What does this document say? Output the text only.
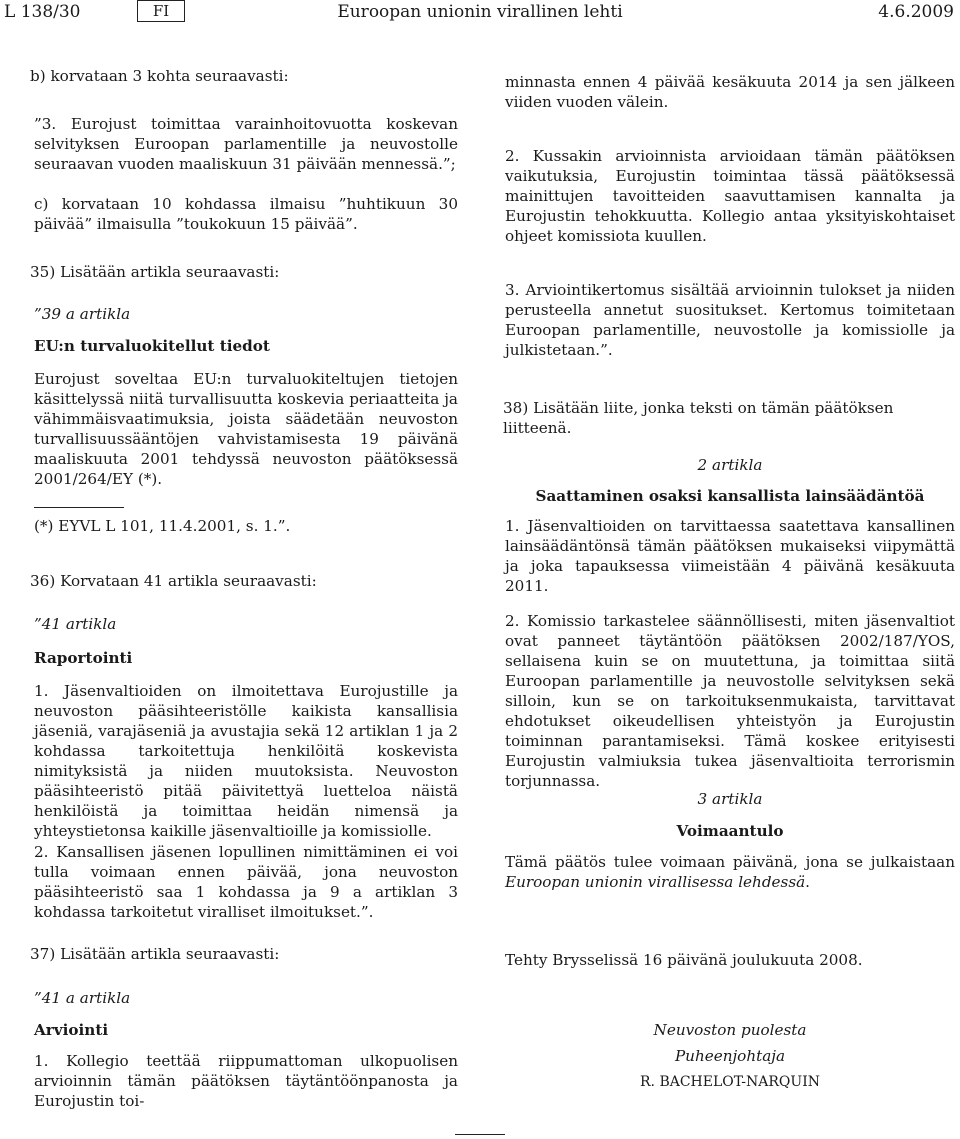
L 138/30	FI	Euroopan unionin virallinen lehti	4.6.2009
b) korvataan 3 kohta seuraavasti:
”3. Eurojust toimittaa varainhoitovuotta koskevan selvityksen Euroopan parlamentille ja neuvostolle seuraavan vuoden maaliskuun 31 päivään mennessä.”;
c) korvataan 10 kohdassa ilmaisu ”huhtikuun 30 päivää” ilmaisulla ”toukokuun 15 päivää”.
35) Lisätään artikla seuraavasti:
”39 a artikla
EU:n turvaluokitellut tiedot
Eurojust soveltaa EU:n turvaluokiteltujen tietojen käsittelyssä niitä turvallisuutta koskevia periaatteita ja vähimmäisvaatimuksia, joista säädetään neuvoston turvallisuussääntöjen vahvistamisesta 19 päivänä maaliskuuta 2001 tehdyssä neuvoston päätöksessä 2001/264/EY (*).
(*) EYVL L 101, 11.4.2001, s. 1.”.
36) Korvataan 41 artikla seuraavasti:
”41 artikla
Raportointi
1. Jäsenvaltioiden on ilmoitettava Eurojustille ja neuvoston pääsihteeristölle kaikista kansallisia jäseniä, varajäseniä ja avustajia sekä 12 artiklan 1 ja 2 kohdassa tarkoitettuja henkilöitä koskevista nimityksistä ja niiden muutoksista. Neuvoston pääsihteeristö pitää päivitettyä luetteloa näistä henkilöistä ja toimittaa heidän nimensä ja yhteystietonsa kaikille jäsenvaltioille ja komissiolle.
2. Kansallisen jäsenen lopullinen nimittäminen ei voi tulla voimaan ennen päivää, jona neuvoston pääsihteeristö saa 1 kohdassa ja 9 a artiklan 3 kohdassa tarkoitetut viralliset ilmoitukset.”.
37) Lisätään artikla seuraavasti:
”41 a artikla
Arviointi
1. Kollegio teettää riippumattoman ulkopuolisen arvioinnin tämän päätöksen täytäntöönpanosta ja Eurojustin toi-
minnasta ennen 4 päivää kesäkuuta 2014 ja sen jälkeen viiden vuoden välein.
2. Kussakin arvioinnista arvioidaan tämän päätöksen vaikutuksia, Eurojustin toimintaa tässä päätöksessä mainittujen tavoitteiden saavuttamisen kannalta ja Eurojustin tehokkuutta. Kollegio antaa yksityiskohtaiset ohjeet komissiota kuullen.
3. Arviointikertomus sisältää arvioinnin tulokset ja niiden perusteella annetut suositukset. Kertomus toimitetaan Euroopan parlamentille, neuvostolle ja komissiolle ja julkistetaan.”.
38) Lisätään liite, jonka teksti on tämän päätöksen liitteenä.
2 artikla
Saattaminen osaksi kansallista lainsäädäntöä
1. Jäsenvaltioiden on tarvittaessa saatettava kansallinen lainsäädäntönsä tämän päätöksen mukaiseksi viipymättä ja joka tapauksessa viimeistään 4 päivänä kesäkuuta 2011.
2. Komissio tarkastelee säännöllisesti, miten jäsenvaltiot ovat panneet täytäntöön päätöksen 2002/187/YOS, sellaisena kuin se on muutettuna, ja toimittaa siitä Euroopan parlamentille ja neuvostolle selvityksen sekä silloin, kun se on tarkoituksenmukaista, tarvittavat ehdotukset oikeudellisen yhteistyön ja Eurojustin toiminnan parantamiseksi. Tämä koskee erityisesti Eurojustin valmiuksia tukea jäsenvaltioita terrorismin torjunnassa.
3 artikla
Voimaantulo
Tämä päätös tulee voimaan päivänä, jona se julkaistaan Euroopan unionin virallisessa lehdessä.
Tehty Brysselissä 16 päivänä joulukuuta 2008.
Neuvoston puolesta
Puheenjohtaja
R. BACHELOT-NARQUIN
